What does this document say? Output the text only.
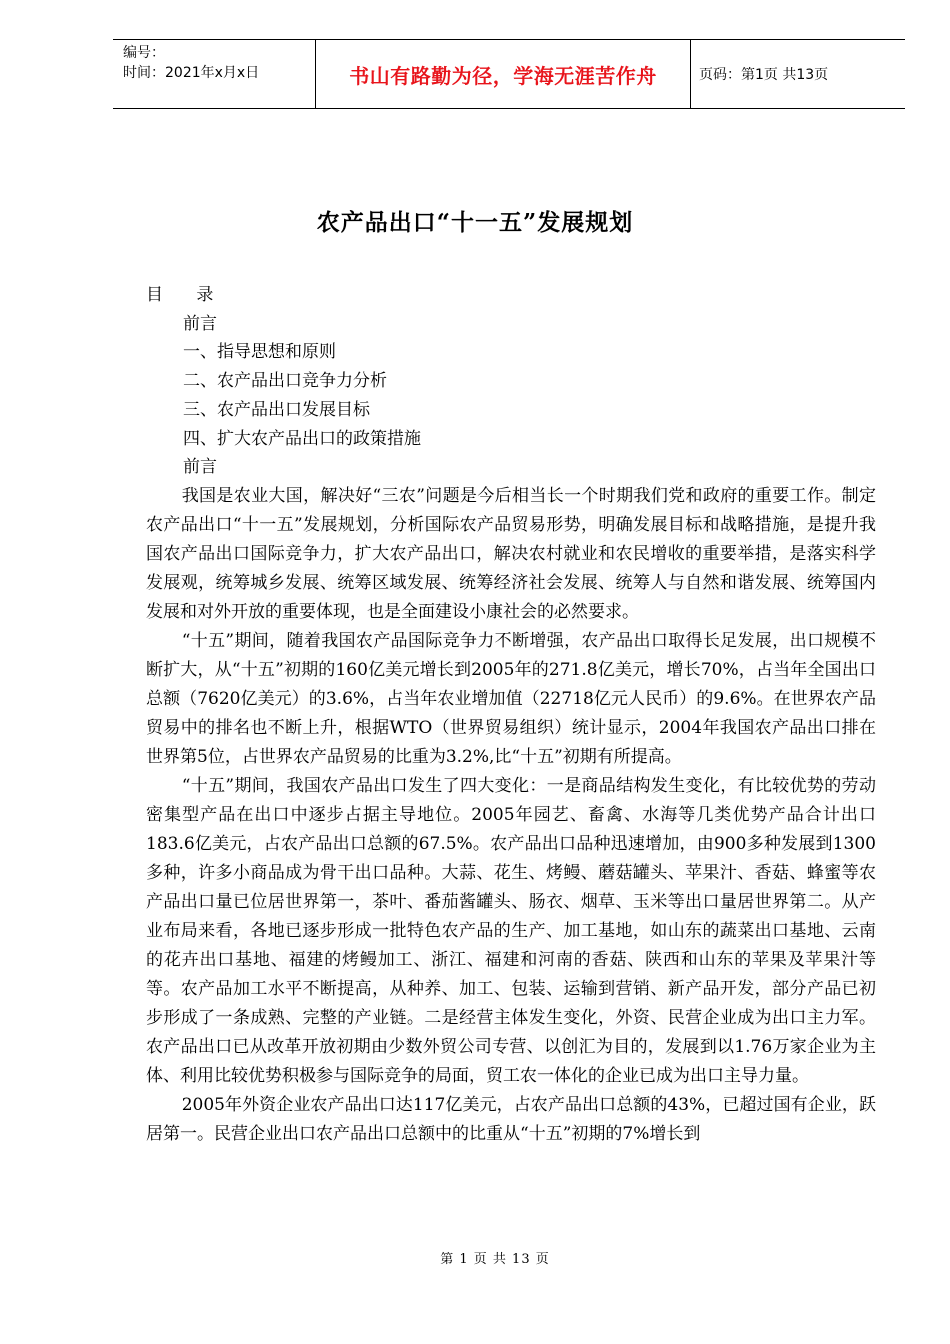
编号：
时间：2021年x月x日	书山有路勤为径，学海无涯苦作舟	页码：第1页 共13页
农产品出口“十一五”发展规划
目 录
前言
一、指导思想和原则
二、农产品出口竞争力分析
三、农产品出口发展目标
四、扩大农产品出口的政策措施
前言

我国是农业大国，解决好“三农”问题是今后相当长一个时期我们党和政府的重要工作。制定农产品出口“十一五”发展规划，分析国际农产品贸易形势，明确发展目标和战略措施，是提升我国农产品出口国际竞争力，扩大农产品出口，解决农村就业和农民增收的重要举措，是落实科学发展观，统筹城乡发展、统筹区域发展、统筹经济社会发展、统筹人与自然和谐发展、统筹国内发展和对外开放的重要体现，也是全面建设小康社会的必然要求。

“十五”期间，随着我国农产品国际竞争力不断增强，农产品出口取得长足发展，出口规模不断扩大，从“十五”初期的160亿美元增长到2005年的271.8亿美元，增长70%，占当年全国出口总额（7620亿美元）的3.6%，占当年农业增加值（22718亿元人民币）的9.6%。在世界农产品贸易中的排名也不断上升，根据WTO（世界贸易组织）统计显示，2004年我国农产品出口排在世界第5位，占世界农产品贸易的比重为3.2%,比“十五”初期有所提高。

“十五”期间，我国农产品出口发生了四大变化：一是商品结构发生变化，有比较优势的劳动密集型产品在出口中逐步占据主导地位。2005年园艺、畜禽、水海等几类优势产品合计出口183.6亿美元，占农产品出口总额的67.5%。农产品出口品种迅速增加，由900多种发展到1300多种，许多小商品成为骨干出口品种。大蒜、花生、烤鳗、蘑菇罐头、苹果汁、香菇、蜂蜜等农产品出口量已位居世界第一，茶叶、番茄酱罐头、肠衣、烟草、玉米等出口量居世界第二。从产业布局来看，各地已逐步形成一批特色农产品的生产、加工基地，如山东的蔬菜出口基地、云南的花卉出口基地、福建的烤鳗加工、浙江、福建和河南的香菇、陕西和山东的苹果及苹果汁等等。农产品加工水平不断提高，从种养、加工、包装、运输到营销、新产品开发，部分产品已初步形成了一条成熟、完整的产业链。二是经营主体发生变化，外资、民营企业成为出口主力军。农产品出口已从改革开放初期由少数外贸公司专营、以创汇为目的，发展到以1.76万家企业为主体、利用比较优势积极参与国际竞争的局面，贸工农一体化的企业已成为出口主导力量。

2005年外资企业农产品出口达117亿美元，占农产品出口总额的43%，已超过国有企业，跃居第一。民营企业出口农产品出口总额中的比重从“十五”初期的7%增长到

第 1 页 共 13 页
